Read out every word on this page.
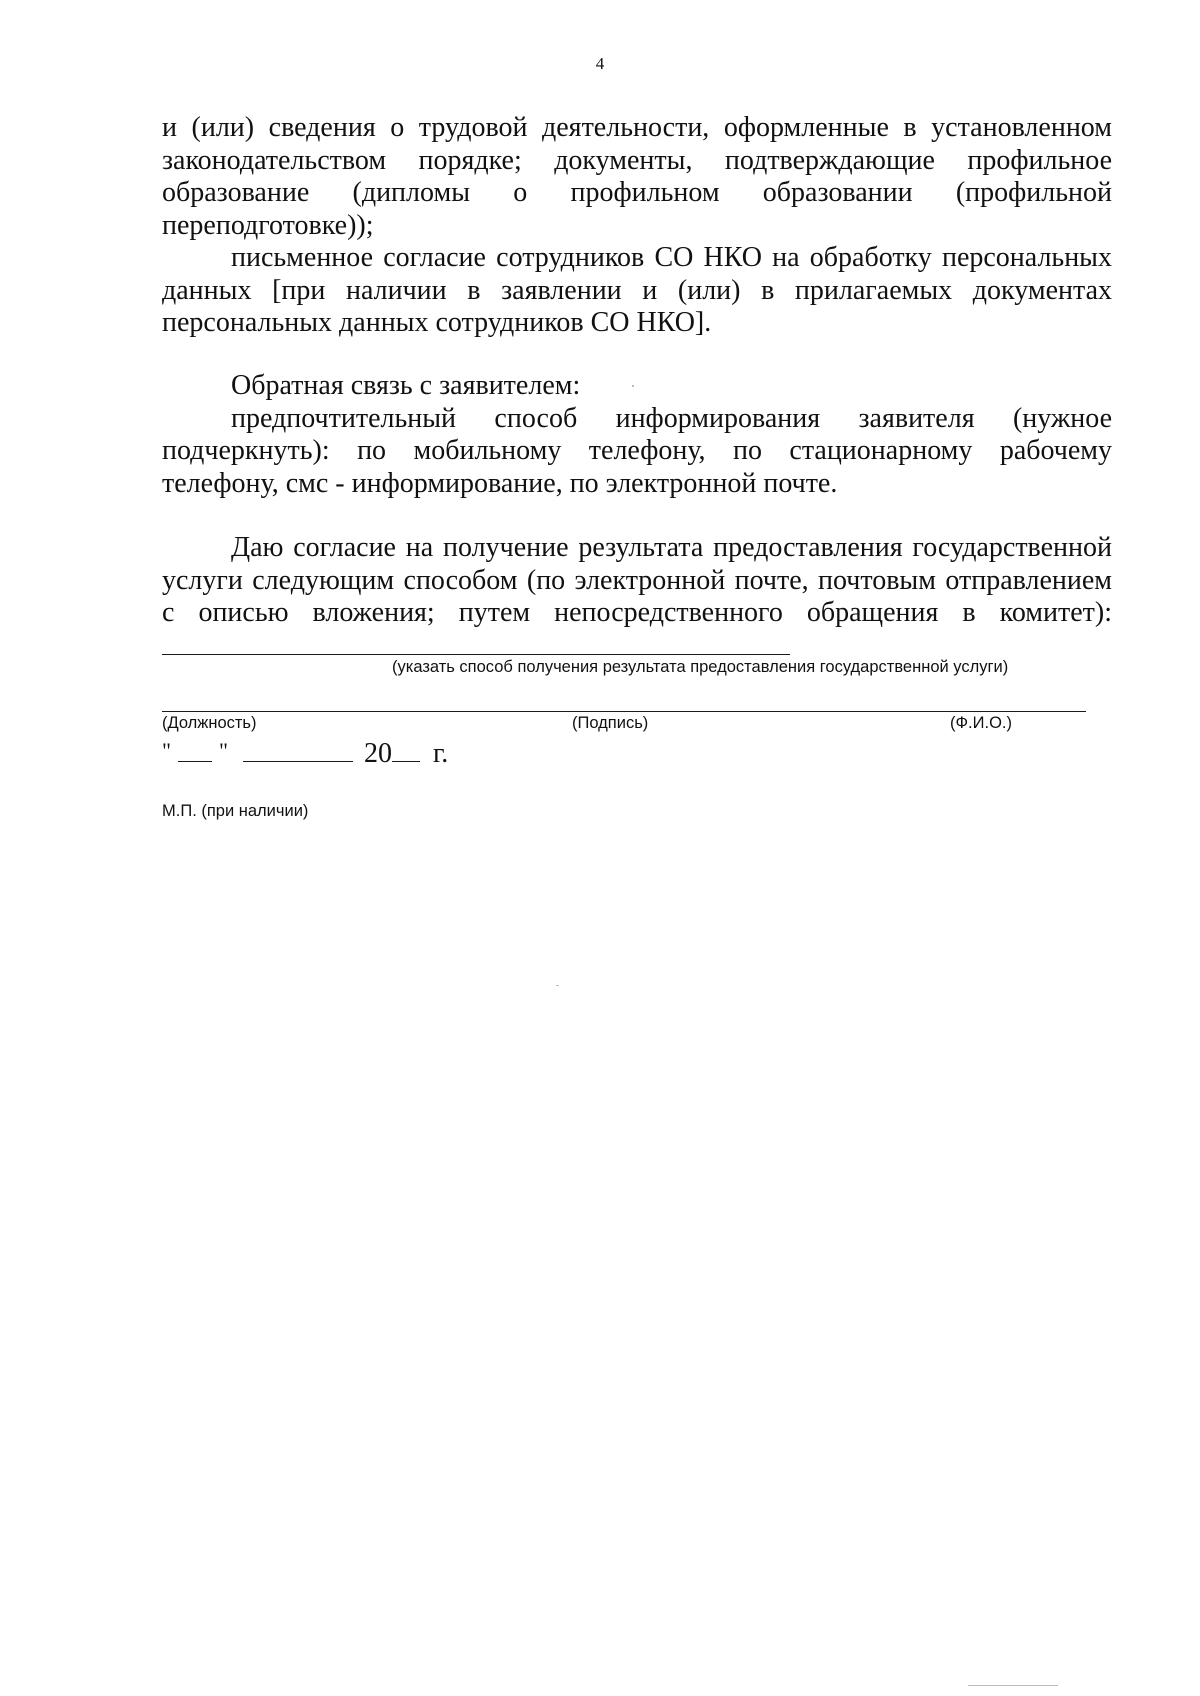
4

и (или) сведения о трудовой деятельности, оформленные в установленном законодательством порядке; документы, подтверждающие профильное образование (дипломы о профильном образовании (профильной переподготовке));

письменное согласие сотрудников СО НКО на обработку персональных данных [при наличии в заявлении и (или) в прилагаемых документах персональных данных сотрудников СО НКО].

Обратная связь с заявителем:

предпочтительный способ информирования заявителя (нужное подчеркнуть): по мобильному телефону, по стационарному рабочему телефону, смс - информирование, по электронной почте.

Даю согласие на получение результата предоставления государственной услуги следующим способом (по электронной почте, почтовым отправлением с описью вложения; путем непосредственного обращения в комитет):

(указать способ получения результата предоставления государственной услуги)
(Должность)	(Подпись)	(Ф.И.О.)
" "	20 г.
М.П. (при наличии)
